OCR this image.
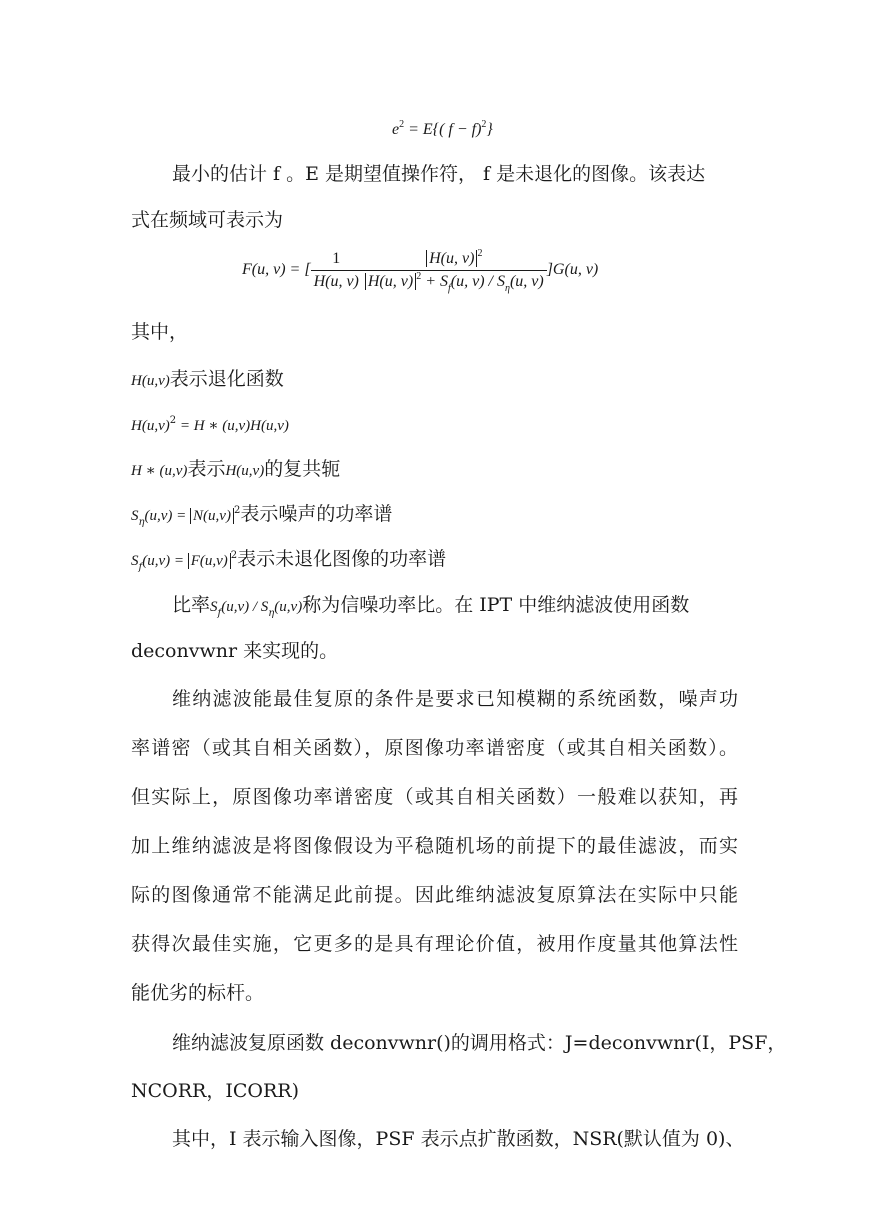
$e^2 = E${( f − f)$^2$}
最小的估计 f 。E 是期望值操作符， f 是未退化的图像。该表达
式在频域可表示为
F(u, v) = [ $\frac{1}{H(u, v)} \frac{H(u, v) ^2}{H(u, v) ^2 + S_f(u, v) / S_\eta(u, v)} ]G(u$, v)
其中，
H(u,v)表示退化函数
$H(u,v)^2 = H$ ∗ (u,v)H(u,v)
H ∗ (u,v)表示H(u,v)的复共轭
$S_\eta(u,v) = N(u,v)$ $^2$表示噪声的功率谱
$S_f(u,v) = F(u,v)$ $^2$表示未退化图像的功率谱
比率$S_f(u,v) / S_\eta(u,v)$称为信噪功率比。在 IPT 中维纳滤波使用函数
deconvwnr 来实现的。
维纳滤波能最佳复原的条件是要求已知模糊的系统函数，噪声功
率谱密（或其自相关函数），原图像功率谱密度（或其自相关函数）。
但实际上，原图像功率谱密度（或其自相关函数）一般难以获知，再
加上维纳滤波是将图像假设为平稳随机场的前提下的最佳滤波，而实
际的图像通常不能满足此前提。因此维纳滤波复原算法在实际中只能
获得次最佳实施，它更多的是具有理论价值，被用作度量其他算法性
能优劣的标杆。
维纳滤波复原函数 deconvwnr()的调用格式：J=deconvwnr(I，PSF，
NCORR，ICORR)
其中，I 表示输入图像，PSF 表示点扩散函数，NSR(默认值为 0)、
